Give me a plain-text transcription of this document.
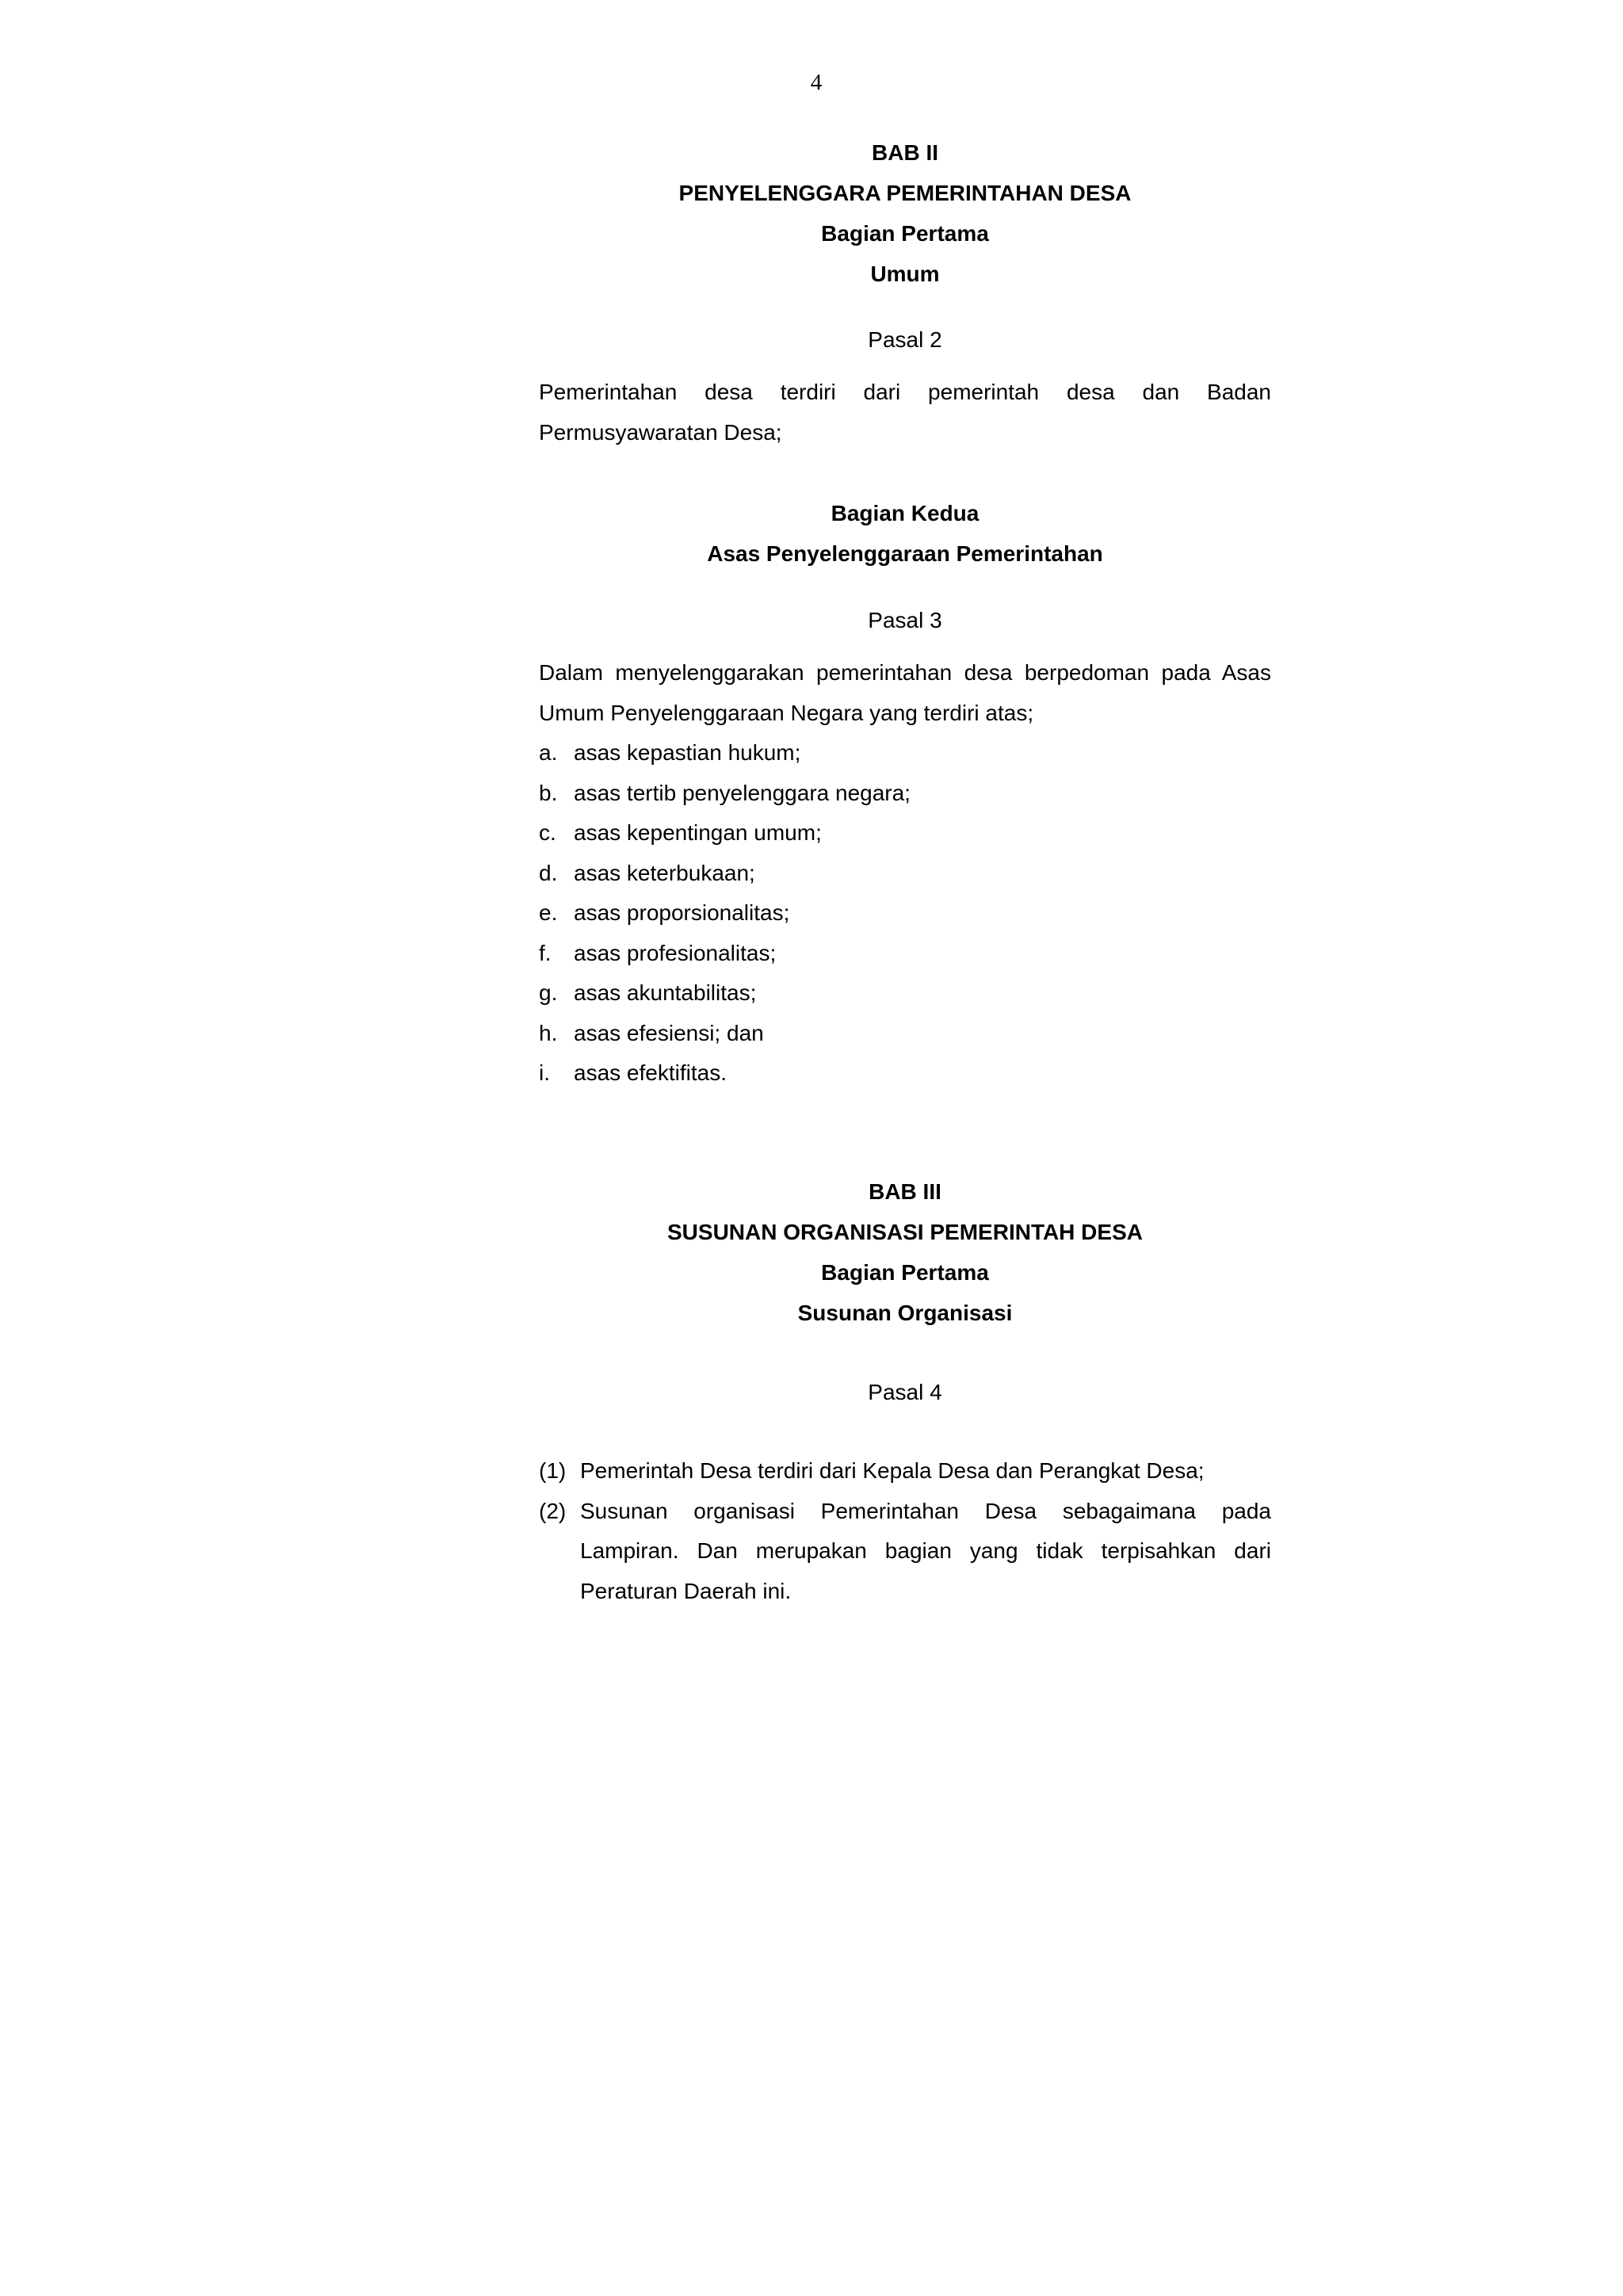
4
BAB II
PENYELENGGARA PEMERINTAHAN DESA
Bagian Pertama
Umum
Pasal 2
Pemerintahan desa terdiri dari pemerintah desa dan Badan Permusyawaratan Desa;
Bagian Kedua
Asas Penyelenggaraan Pemerintahan
Pasal 3
Dalam menyelenggarakan pemerintahan desa berpedoman pada Asas Umum Penyelenggaraan Negara yang terdiri atas;
a. asas kepastian hukum;
b. asas tertib penyelenggara negara;
c. asas kepentingan umum;
d. asas keterbukaan;
e. asas proporsionalitas;
f.	asas profesionalitas;
g. asas akuntabilitas;
h. asas efesiensi; dan
i.	asas efektifitas.
BAB III
SUSUNAN ORGANISASI PEMERINTAH DESA
Bagian Pertama
Susunan Organisasi
Pasal 4
(1) Pemerintah Desa terdiri dari Kepala Desa dan Perangkat Desa;
(2) Susunan organisasi Pemerintahan Desa sebagaimana pada Lampiran. Dan merupakan bagian yang tidak terpisahkan dari Peraturan Daerah ini.
